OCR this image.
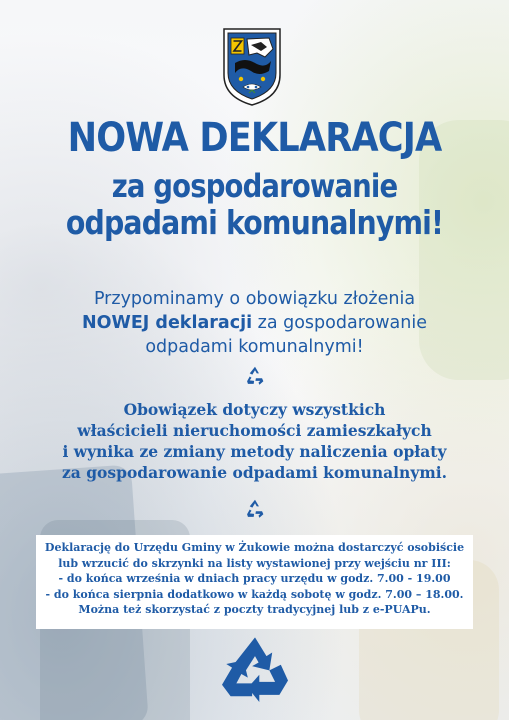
NOWA DEKLARACJA
za gospodarowanie
odpadami komunalnymi!
Przypominamy o obowiązku złożenia
NOWEJ deklaracji za gospodarowanie
odpadami komunalnymi!
Obowiązek dotyczy wszystkich
właścicieli nieruchomości zamieszkałych
i wynika ze zmiany metody naliczenia opłaty
za gospodarowanie odpadami komunalnymi.
Deklarację do Urzędu Gminy w Żukowie można dostarczyć osobiście
lub wrzucić do skrzynki na listy wystawionej przy wejściu nr III:
- do końca września w dniach pracy urzędu w godz. 7.00 - 19.00
- do końca sierpnia dodatkowo w każdą sobotę w godz. 7.00 – 18.00.
Można też skorzystać z poczty tradycyjnej lub z e-PUAPu.
